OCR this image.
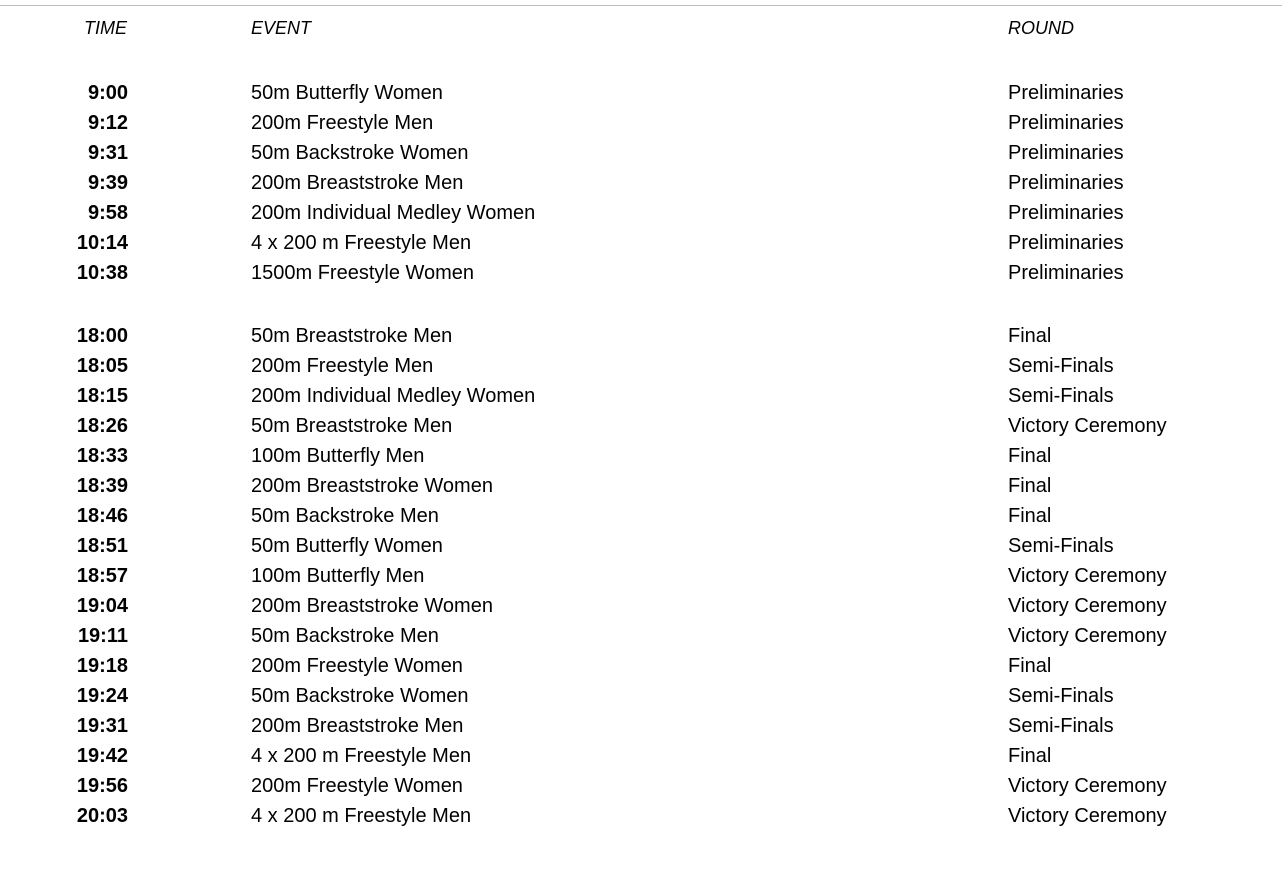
TIME	EVENT	ROUND
9:00	50m Butterfly Women	Preliminaries
9:12	200m Freestyle Men	Preliminaries
9:31	50m Backstroke Women	Preliminaries
9:39	200m Breaststroke Men	Preliminaries
9:58	200m Individual Medley Women	Preliminaries
10:14	4 x 200 m Freestyle Men	Preliminaries
10:38	1500m Freestyle Women	Preliminaries
18:00	50m Breaststroke Men	Final
18:05	200m Freestyle Men	Semi-Finals
18:15	200m Individual Medley Women	Semi-Finals
18:26	50m Breaststroke Men	Victory Ceremony
18:33	100m Butterfly Men	Final
18:39	200m Breaststroke Women	Final
18:46	50m Backstroke Men	Final
18:51	50m Butterfly Women	Semi-Finals
18:57	100m Butterfly Men	Victory Ceremony
19:04	200m Breaststroke Women	Victory Ceremony
19:11	50m Backstroke Men	Victory Ceremony
19:18	200m Freestyle Women	Final
19:24	50m Backstroke Women	Semi-Finals
19:31	200m Breaststroke Men	Semi-Finals
19:42	4 x 200 m Freestyle Men	Final
19:56	200m Freestyle Women	Victory Ceremony
20:03	4 x 200 m Freestyle Men	Victory Ceremony
